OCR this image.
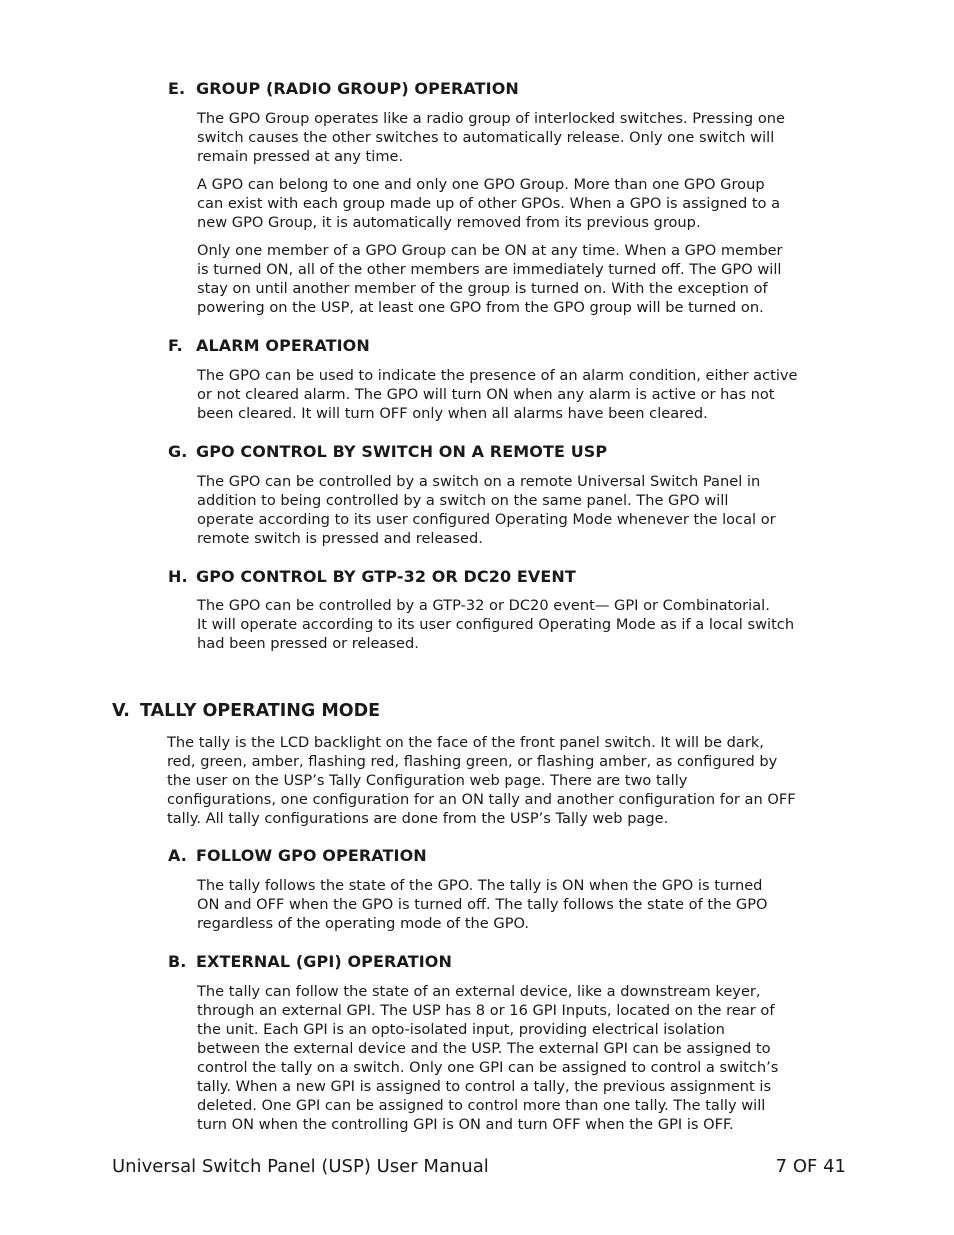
E. GROUP (RADIO GROUP) OPERATION
The GPO Group operates like a radio group of interlocked switches. Pressing one
switch causes the other switches to automatically release. Only one switch will
remain pressed at any time.
A GPO can belong to one and only one GPO Group. More than one GPO Group
can exist with each group made up of other GPOs. When a GPO is assigned to a
new GPO Group, it is automatically removed from its previous group.
Only one member of a GPO Group can be ON at any time. When a GPO member
is turned ON, all of the other members are immediately turned off. The GPO will
stay on until another member of the group is turned on. With the exception of
powering on the USP, at least one GPO from the GPO group will be turned on.
F. ALARM OPERATION
The GPO can be used to indicate the presence of an alarm condition, either active
or not cleared alarm. The GPO will turn ON when any alarm is active or has not
been cleared. It will turn OFF only when all alarms have been cleared.
G. GPO CONTROL BY SWITCH ON A REMOTE USP
The GPO can be controlled by a switch on a remote Universal Switch Panel in
addition to being controlled by a switch on the same panel. The GPO will
operate according to its user configured Operating Mode whenever the local or
remote switch is pressed and released.
H. GPO CONTROL BY GTP-32 OR DC20 EVENT
The GPO can be controlled by a GTP-32 or DC20 event— GPI or Combinatorial.
It will operate according to its user configured Operating Mode as if a local switch
had been pressed or released.
V. TALLY OPERATING MODE
The tally is the LCD backlight on the face of the front panel switch. It will be dark,
red, green, amber, flashing red, flashing green, or flashing amber, as configured by
the user on the USP’s Tally Configuration web page. There are two tally
configurations, one configuration for an ON tally and another configuration for an OFF
tally. All tally configurations are done from the USP’s Tally web page.
A. FOLLOW GPO OPERATION
The tally follows the state of the GPO. The tally is ON when the GPO is turned
ON and OFF when the GPO is turned off. The tally follows the state of the GPO
regardless of the operating mode of the GPO.
B. EXTERNAL (GPI) OPERATION
The tally can follow the state of an external device, like a downstream keyer,
through an external GPI. The USP has 8 or 16 GPI Inputs, located on the rear of
the unit. Each GPI is an opto-isolated input, providing electrical isolation
between the external device and the USP. The external GPI can be assigned to
control the tally on a switch. Only one GPI can be assigned to control a switch’s
tally. When a new GPI is assigned to control a tally, the previous assignment is
deleted. One GPI can be assigned to control more than one tally. The tally will
turn ON when the controlling GPI is ON and turn OFF when the GPI is OFF.
Universal Switch Panel (USP) User Manual	7 OF 41
